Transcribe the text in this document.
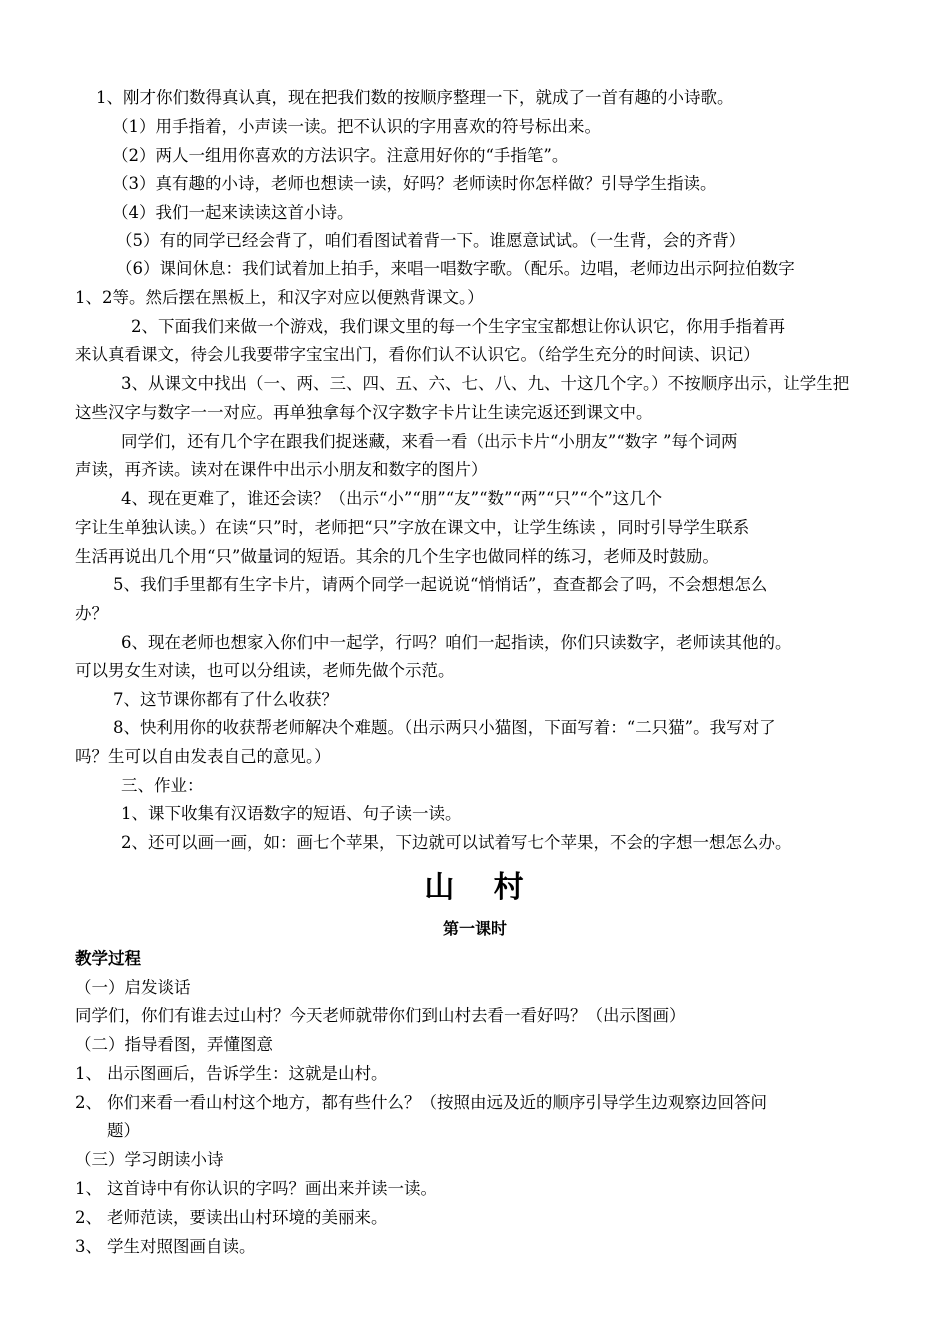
1、刚才你们数得真认真，现在把我们数的按顺序整理一下，就成了一首有趣的小诗歌。
（1）用手指着，小声读一读。把不认识的字用喜欢的符号标出来。
（2）两人一组用你喜欢的方法识字。注意用好你的“手指笔”。
（3）真有趣的小诗，老师也想读一读，好吗？老师读时你怎样做？引导学生指读。
（4）我们一起来读读这首小诗。
（5）有的同学已经会背了，咱们看图试着背一下。谁愿意试试。（一生背，会的齐背）
（6）课间休息：我们试着加上拍手，来唱一唱数字歌。（配乐。边唱，老师边出示阿拉伯数字
1、2等。然后摆在黑板上，和汉字对应以便熟背课文。）
2、下面我们来做一个游戏，我们课文里的每一个生字宝宝都想让你认识它，你用手指着再
来认真看课文，待会儿我要带字宝宝出门，看你们认不认识它。（给学生充分的时间读、识记）
3、从课文中找出（一、两、三、四、五、六、七、八、九、十这几个字。）不按顺序出示，让学生把
这些汉字与数字一一对应。再单独拿每个汉字数字卡片让生读完返还到课文中。
同学们，还有几个字在跟我们捉迷藏，来看一看（出示卡片“小朋友”“数字 ”每个词两
声读，再齐读。读对在课件中出示小朋友和数字的图片）
4、现在更难了，谁还会读？（出示“小”“朋”“友”“数”“两”“只”“个”这几个
字让生单独认读。）在读“只”时，老师把“只”字放在课文中，让学生练读 ，同时引导学生联系
生活再说出几个用“只”做量词的短语。其余的几个生字也做同样的练习，老师及时鼓励。
5、我们手里都有生字卡片，请两个同学一起说说“悄悄话”，查查都会了吗，不会想想怎么
办？
6、现在老师也想家入你们中一起学，行吗？咱们一起指读，你们只读数字，老师读其他的。
可以男女生对读，也可以分组读，老师先做个示范。
7、这节课你都有了什么收获？
8、快利用你的收获帮老师解决个难题。（出示两只小猫图，下面写着：“二只猫”。我写对了
吗？生可以自由发表自己的意见。）
三、作业：
1、课下收集有汉语数字的短语、句子读一读。
2、还可以画一画，如：画七个苹果，下边就可以试着写七个苹果，不会的字想一想怎么办。
山   村
第一课时
教学过程
（一）启发谈话
同学们，你们有谁去过山村？今天老师就带你们到山村去看一看好吗？（出示图画）
（二）指导看图，弄懂图意
1、 出示图画后，告诉学生：这就是山村。
2、 你们来看一看山村这个地方，都有些什么？（按照由远及近的顺序引导学生边观察边回答问
题）
（三）学习朗读小诗
1、 这首诗中有你认识的字吗？画出来并读一读。
2、 老师范读，要读出山村环境的美丽来。
3、 学生对照图画自读。
